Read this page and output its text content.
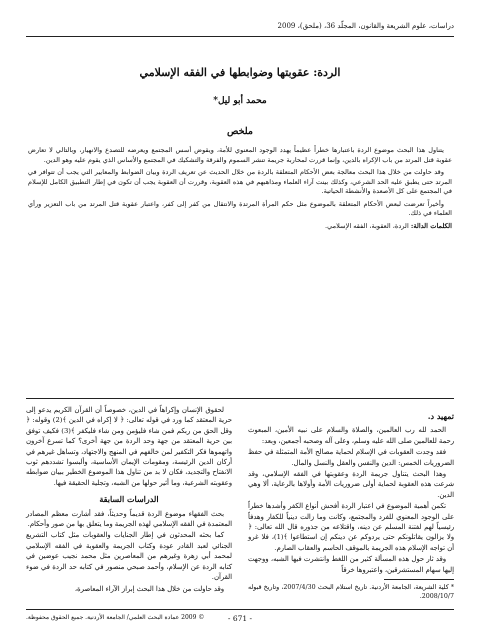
دراسات، علوم الشريعة والقانون، المجلّد 36، (ملحق)، 2009
الردة: عقوبتها وضوابطها في الفقه الإسلامي
محمد أبو ليل*
ملخص

يتناول هذا البحث موضوع الردة باعتبارها خطراً عظيماً يهدد الوجود المعنوي للأمة، ويقوض أسس المجتمع ويعرضه للتصدع والانهيار، وبالتالي لا تعارض عقوبة قتل المرتد من باب الإكراه بالدين، وإنما قررت لمحاربة جريمة تنشر السموم والفرقة والتشكيك في المجتمع والأساس الذي يقوم عليه وهو الدين.

وقد حاولت من خلال هذا البحث معالجة بعض الأحكام المتعلقة بالردة من خلال الحديث عن تعريف الردة وبيان الضوابط والمعايير التي يجب أن تتوافر في المرتد حتى يطبق عليه الحد الشرعي، وكذلك بينت آراء العلماء ومذاهبهم في هذه العقوبة، وقررت أن العقوبة يجب أن تكون في إطار التطبيق الكامل للإسلام في المجتمع على كل الأصعدة والأنشطة الحياتية.

وأخيراً تعرضت لبعض الأحكام المتعلقة بالموضوع مثل حكم المرأة المرتدة والانتقال من كفر إلى كفر، واعتبار عقوبة قتل المرتد من باب التعزير ورأي العلماء في ذلك.

الكلمات الدالة: الردة، العقوبة، الفقه الإسلامي.
تمهيد د.

الحمد لله رب العالمين، والصلاة والسلام على نبيه الأمين، المبعوث رحمة للعالمين صلى الله عليه وسلم، وعلى آله وصحبه أجمعين، وبعد:

فقد وجدت العقوبات في الإسلام لحماية مصالح الأمة المتمثلة في حفظ الضروريات الخمس: الدين والنفس والعقل والنسل والمال.

وهذا البحث يتناول جريمة الردة وعقوبتها في الفقه الإسلامي، وقد شرعت هذه العقوبة لحماية أولى ضروريات الأمة وأولاها بالرعاية، ألا وهي الدين.

تكمن أهمية الموضوع في اعتبار الردة أفحش أنواع الكفر وأشدها خطراً على الوجود المعنوي للفرد والمجتمع، وكانت وما زالت دينياً للكفار وهدفاً رئيسياً لهم لفتنة المسلم عن دينه، واقتلاعه من جذوره قال الله تعالى: ﴿ ولا يزالون يقاتلونكم حتى يردوكم عن دينكم إن استطاعوا ﴾(1)، فلا غرو أن تواجه الإسلام هذه الجريمة بالموقف الحاسم والعقاب الصارم.

وقد ثار حول هذه المسألة كثير من اللغط وانتشرت فيها الشبه، ووجهت إليها سهام المستشرقين، واعتبروها خرقاً

* كلية الشريعة، الجامعة الأردنية. تاريخ استلام البحث 2007/4/30، وتاريخ قبوله 2008/10/7.

لحقوق الإنسان وإكراهاً في الدين، خصوصاً أن القرآن الكريم يدعو إلى حرية المعتقد كما ورد في قوله تعالى: ﴿ لا إكراه في الدين ﴾(2) وقوله: ﴿ وقل الحق من ربكم فمن شاء فليؤمن ومن شاء فليكفر ﴾(3) فكيف توفق بين حرية المعتقد من جهة وحد الردة من جهة أخرى؟ كما تسرع آخرون واتهموها فكر التكفير لمن خالفهم في المنهج والاجتهاد، وتساهل غيرهم في أركان الدين الرئيسة، ومقومات الإيمان الأساسية، وألبسوا تشددهم ثوب الانفتاح والتجديد، فكان لا بد من تناول هذا الموضوع الخطير ببيان ضوابطه وعقوبته الشرعية، وما أثير حولها من الشبه، وتجلية الحقيقة فيها.

الدراسات السابقة

بحث الفقهاء موضوع الردة قديماً وحديثاً، فقد أشارت معظم المصادر المعتمدة في الفقه الإسلامي لهذه الجريمة وما يتعلق بها من صور وأحكام.

كما بحثه المحدثون في إطار الجنايات والعقوبات مثل كتاب التشريع الجنائي لعبد القادر عودة وكتاب الجريمة والعقوبة في الفقه الإسلامي لمحمد أبي زهرة وغيرهم من المعاصرين مثل محمد نجيب عوضين في كتابه الردة عن الإسلام، وأحمد صبحي منصور في كتابه حد الردة في ضوء القرآن.

وقد حاولت من خلال هذا البحث إبراز الآراء المعاصرة،

- 671 -
© 2009 عمادة البحث العلمي/ الجامعة الأردنية. جميع الحقوق محفوظة.
